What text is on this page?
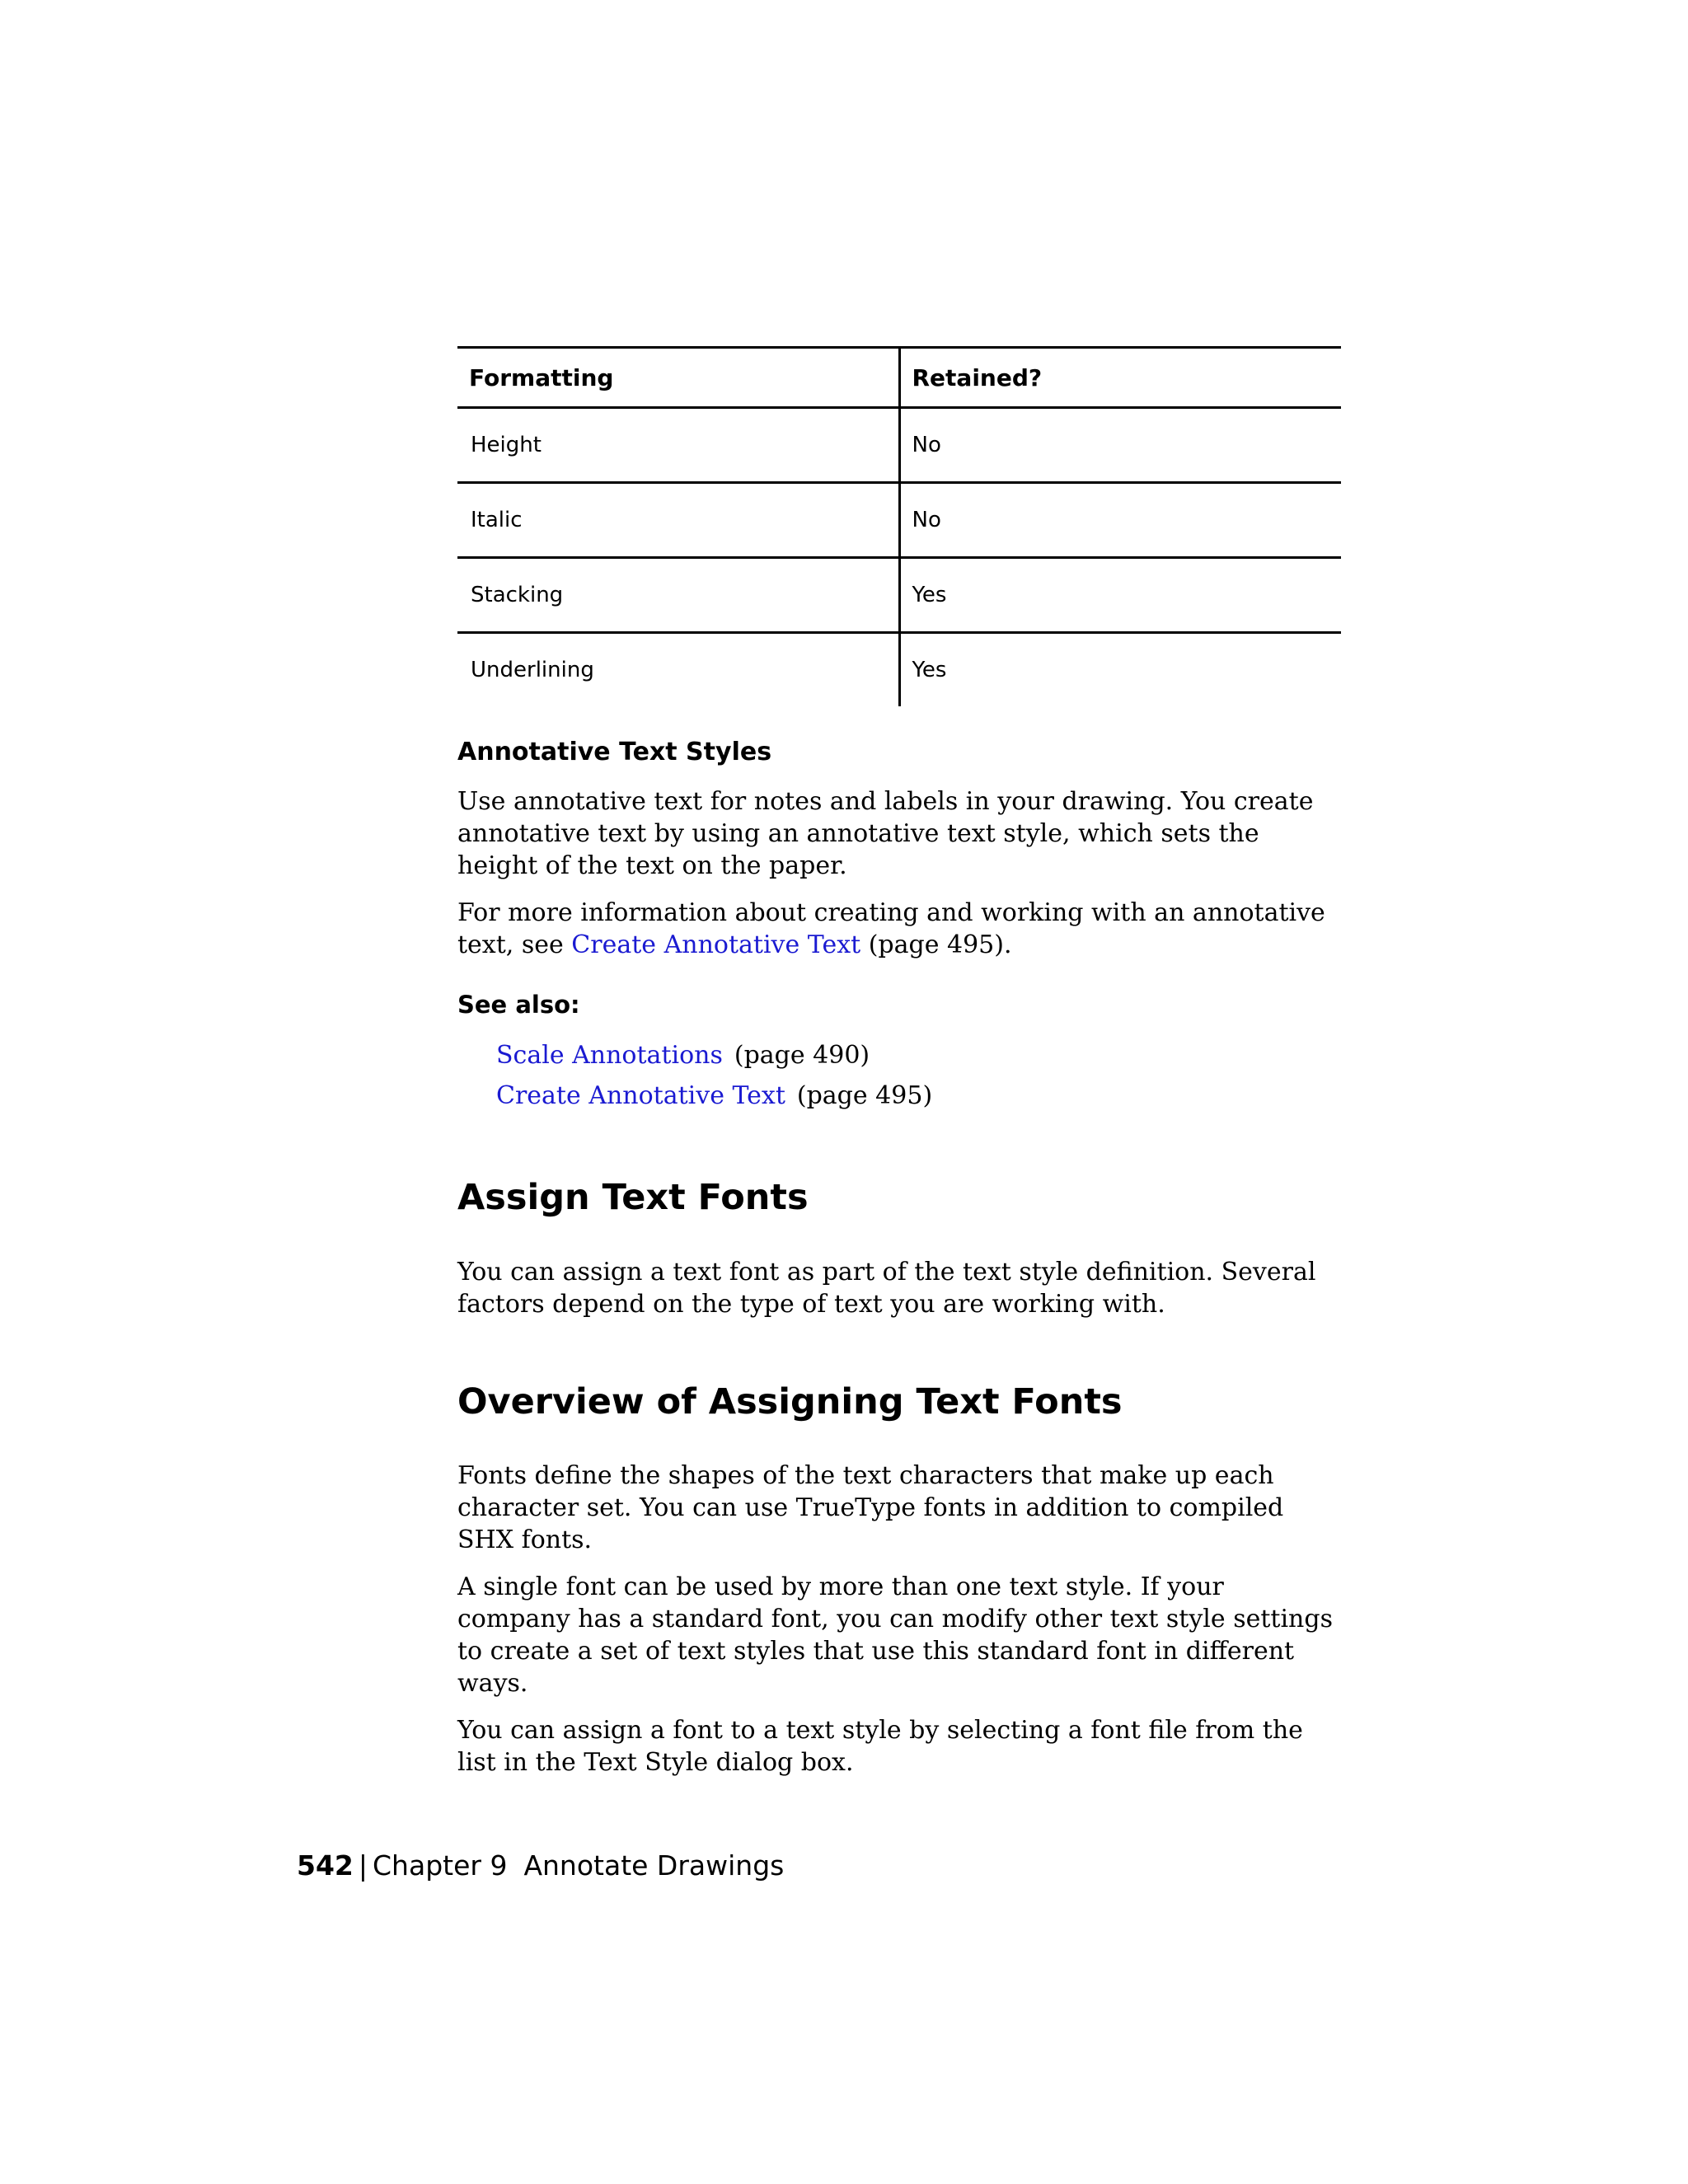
Formatting	Retained?
Height	No
Italic	No
Stacking	Yes
Underlining	Yes
Annotative Text Styles

Use annotative text for notes and labels in your drawing. You create annotative text by using an annotative text style, which sets the height of the text on the paper.

For more information about creating and working with an annotative text, see Create Annotative Text (page 495).

See also:
Scale Annotations (page 490)
Create Annotative Text (page 495)
Assign Text Fonts

You can assign a text font as part of the text style definition. Several factors depend on the type of text you are working with.

Overview of Assigning Text Fonts

Fonts define the shapes of the text characters that make up each character set. You can use TrueType fonts in addition to compiled SHX fonts.

A single font can be used by more than one text style. If your company has a standard font, you can modify other text style settings to create a set of text styles that use this standard font in different ways.

You can assign a font to a text style by selecting a font file from the list in the Text Style dialog box.

542 | Chapter 9 Annotate Drawings
